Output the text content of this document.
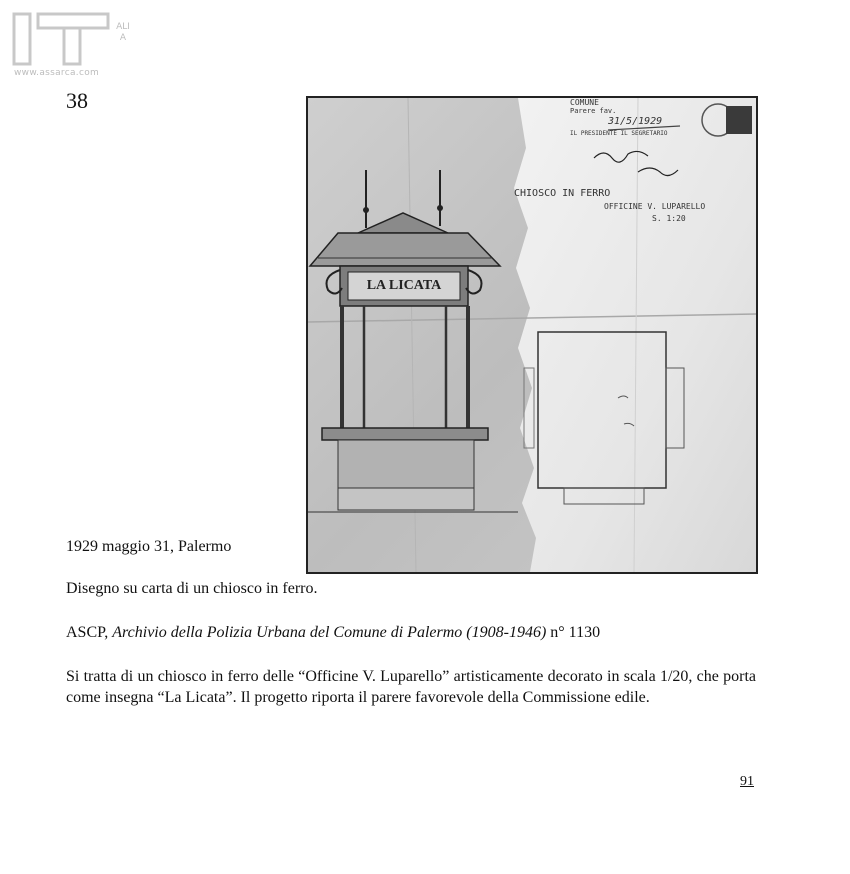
ALIA
www.assarca.com
38	COMUNE
Parere fav.
31/5/1929
IL PRESIDENTE IL SEGRETARIO
CHIOSCO IN FERRO
OFFICINE V. LUPARELLO
S. 1:20
LA LICATA
1929 maggio 31, Palermo
Disegno su carta di un chiosco in ferro.
ASCP, Archivio della Polizia Urbana del Comune di Palermo (1908-1946) n° 1130
Si tratta di un chiosco in ferro delle “Officine V. Luparello” artisticamente decorato in scala 1/20, che porta come insegna “La Licata”. Il progetto riporta il parere favorevole della Commissione edile.
91
